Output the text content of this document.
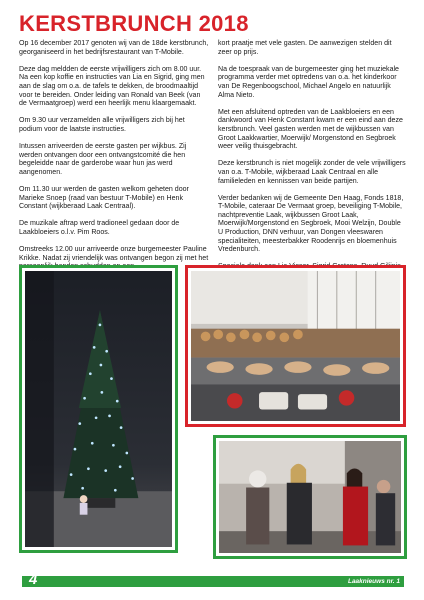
KERSTBRUNCH 2018

Op 16 december 2017 genoten wij van de 18de kerstbrunch, georganiseerd in het bedrijfsrestaurant van T-Mobile.

Deze dag meldden de eerste vrijwilligers zich om 8.00 uur. Na een kop koffie en instructies van Lia en Sigrid, ging men aan de slag om o.a. de tafels te dekken, de broodmaaltijd voor te bereiden. Onder leiding van Ronald van Beek (van de Vermaatgroep) werd een heerlijk menu klaargemaakt.

Om 9.30 uur verzamelden alle vrijwilligers zich bij het podium voor de laatste instructies.

Intussen arriveerden de eerste gasten per wijkbus. Zij werden ontvangen door een ontvangstcomité die hen begeleidde naar de garderobe waar hun jas werd aangenomen.

Om 11.30 uur werden de gasten welkom geheten door Marieke Snoep (raad van bestuur T-Mobile) en Henk Constant (wijkberaad Laak Centraal).

De muzikale aftrap werd tradioneel gedaan door de Laakbloeiers o.l.v. Pim Roos.

Omstreeks 12.00 uur arriveerde onze burgemeester Pauline Krikke. Nadat zij vriendelijk was ontvangen begon zij met het persoonlijk handen schudden en een

kort praatje met vele gasten. De aanwezigen stelden dit zeer op prijs.

Na de toespraak van de burgemeester ging het muziekale programma verder met optredens van o.a. het kinderkoor van De Regenboogschool, Michael Angelo en natuurlijk Alma Nieto.

Met een afsluitend optreden van de Laakbloeiers en een dankwoord van Henk Constant kwam er een eind aan deze kerstbrunch. Veel gasten werden met de wijkbussen van Groot Laakkwartier, Moerwijk/ Morgenstond en Segbroek weer veilig thuisgebracht.

Deze kerstbrunch is niet mogelijk zonder de vele vrijwilligers van o.a. T-Mobile, wijkberaad Laak Centraal en alle familieleden en kennissen van beide partijen.

Verder bedanken wij de Gemeente Den Haag, Fonds 1818, T-Mobile, cateraar De Vermaat groep, beveiliging T-Mobile, nachtpreventie Laak, wijkbussen Groot Laak, Moerwijk/Morgenstond en Segbroek, Mooi Welzijn, Double U Production, DNN verhuur, van Dongen vleeswaren specialiteiten, meesterbakker Roodenrijs en bloemenhuis Vredenburch.

Speciale dank aan Lia Visser, Sigrid Grotens, Ruud Gilijnis

4	Laaknieuws nr. 1
